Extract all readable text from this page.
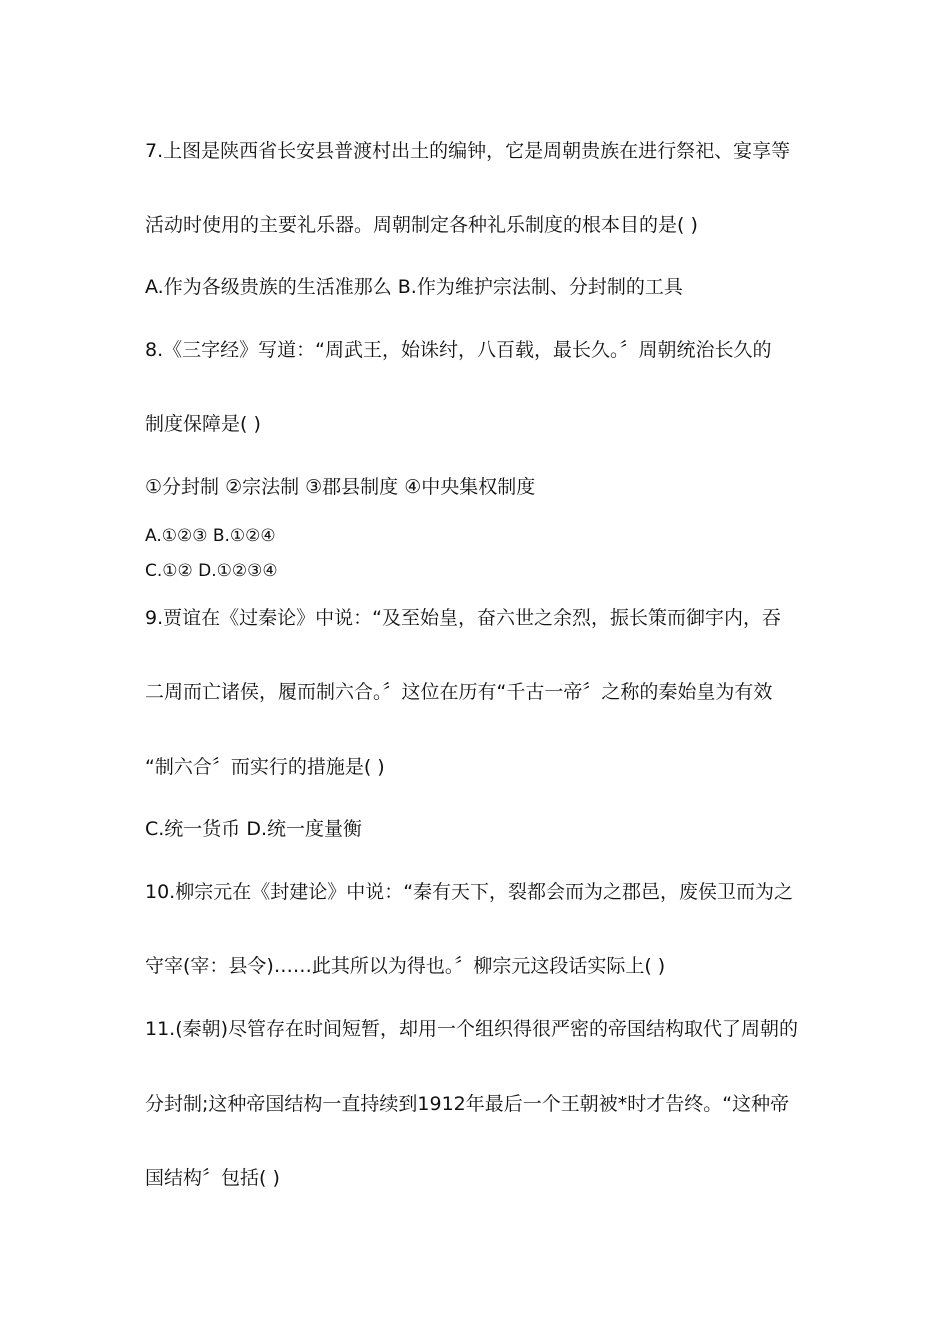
7.上图是陕西省长安县普渡村出土的编钟，它是周朝贵族在进行祭祀、宴享等
活动时使用的主要礼乐器。周朝制定各种礼乐制度的根本目的是( )
A.作为各级贵族的生活准那么 B.作为维护宗法制、分封制的工具
8.《三字经》写道：“周武王，始诛纣，八百载，最长久。〞周朝统治长久的
制度保障是( )
①分封制 ②宗法制 ③郡县制度 ④中央集权制度
A.①②③ B.①②④
C.①② D.①②③④
9.贾谊在《过秦论》中说：“及至始皇，奋六世之余烈，振长策而御宇内，吞
二周而亡诸侯，履而制六合。〞这位在历有“千古一帝〞之称的秦始皇为有效
“制六合〞而实行的措施是( )
C.统一货币 D.统一度量衡
10.柳宗元在《封建论》中说：“秦有天下，裂都会而为之郡邑，废侯卫而为之
守宰(宰：县令)……此其所以为得也。〞柳宗元这段话实际上( )
11.(秦朝)尽管存在时间短暂，却用一个组织得很严密的帝国结构取代了周朝的
分封制;这种帝国结构一直持续到1912年最后一个王朝被*时才告终。“这种帝
国结构〞包括( )
